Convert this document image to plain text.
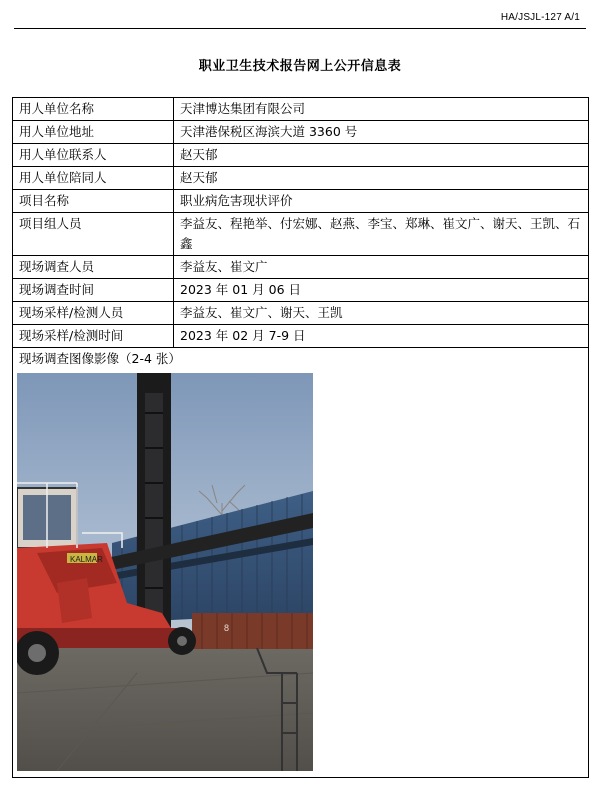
HA/JSJL-127 A/1
职业卫生技术报告网上公开信息表
用人单位名称	天津博达集团有限公司
用人单位地址	天津港保税区海滨大道 3360 号
用人单位联系人	赵天郁
用人单位陪同人	赵天郁
项目名称	职业病危害现状评价
项目组人员	李益友、程艳举、付宏娜、赵燕、李宝、郑琳、崔文广、谢天、王凯、石鑫
现场调查人员	李益友、崔文广
现场调查时间	2023 年 01 月 06 日
现场采样/检测人员	李益友、崔文广、谢天、王凯
现场采样/检测时间	2023 年 02 月 7-9 日

现场调查图像影像（2-4 张）
8
KALMAR	
